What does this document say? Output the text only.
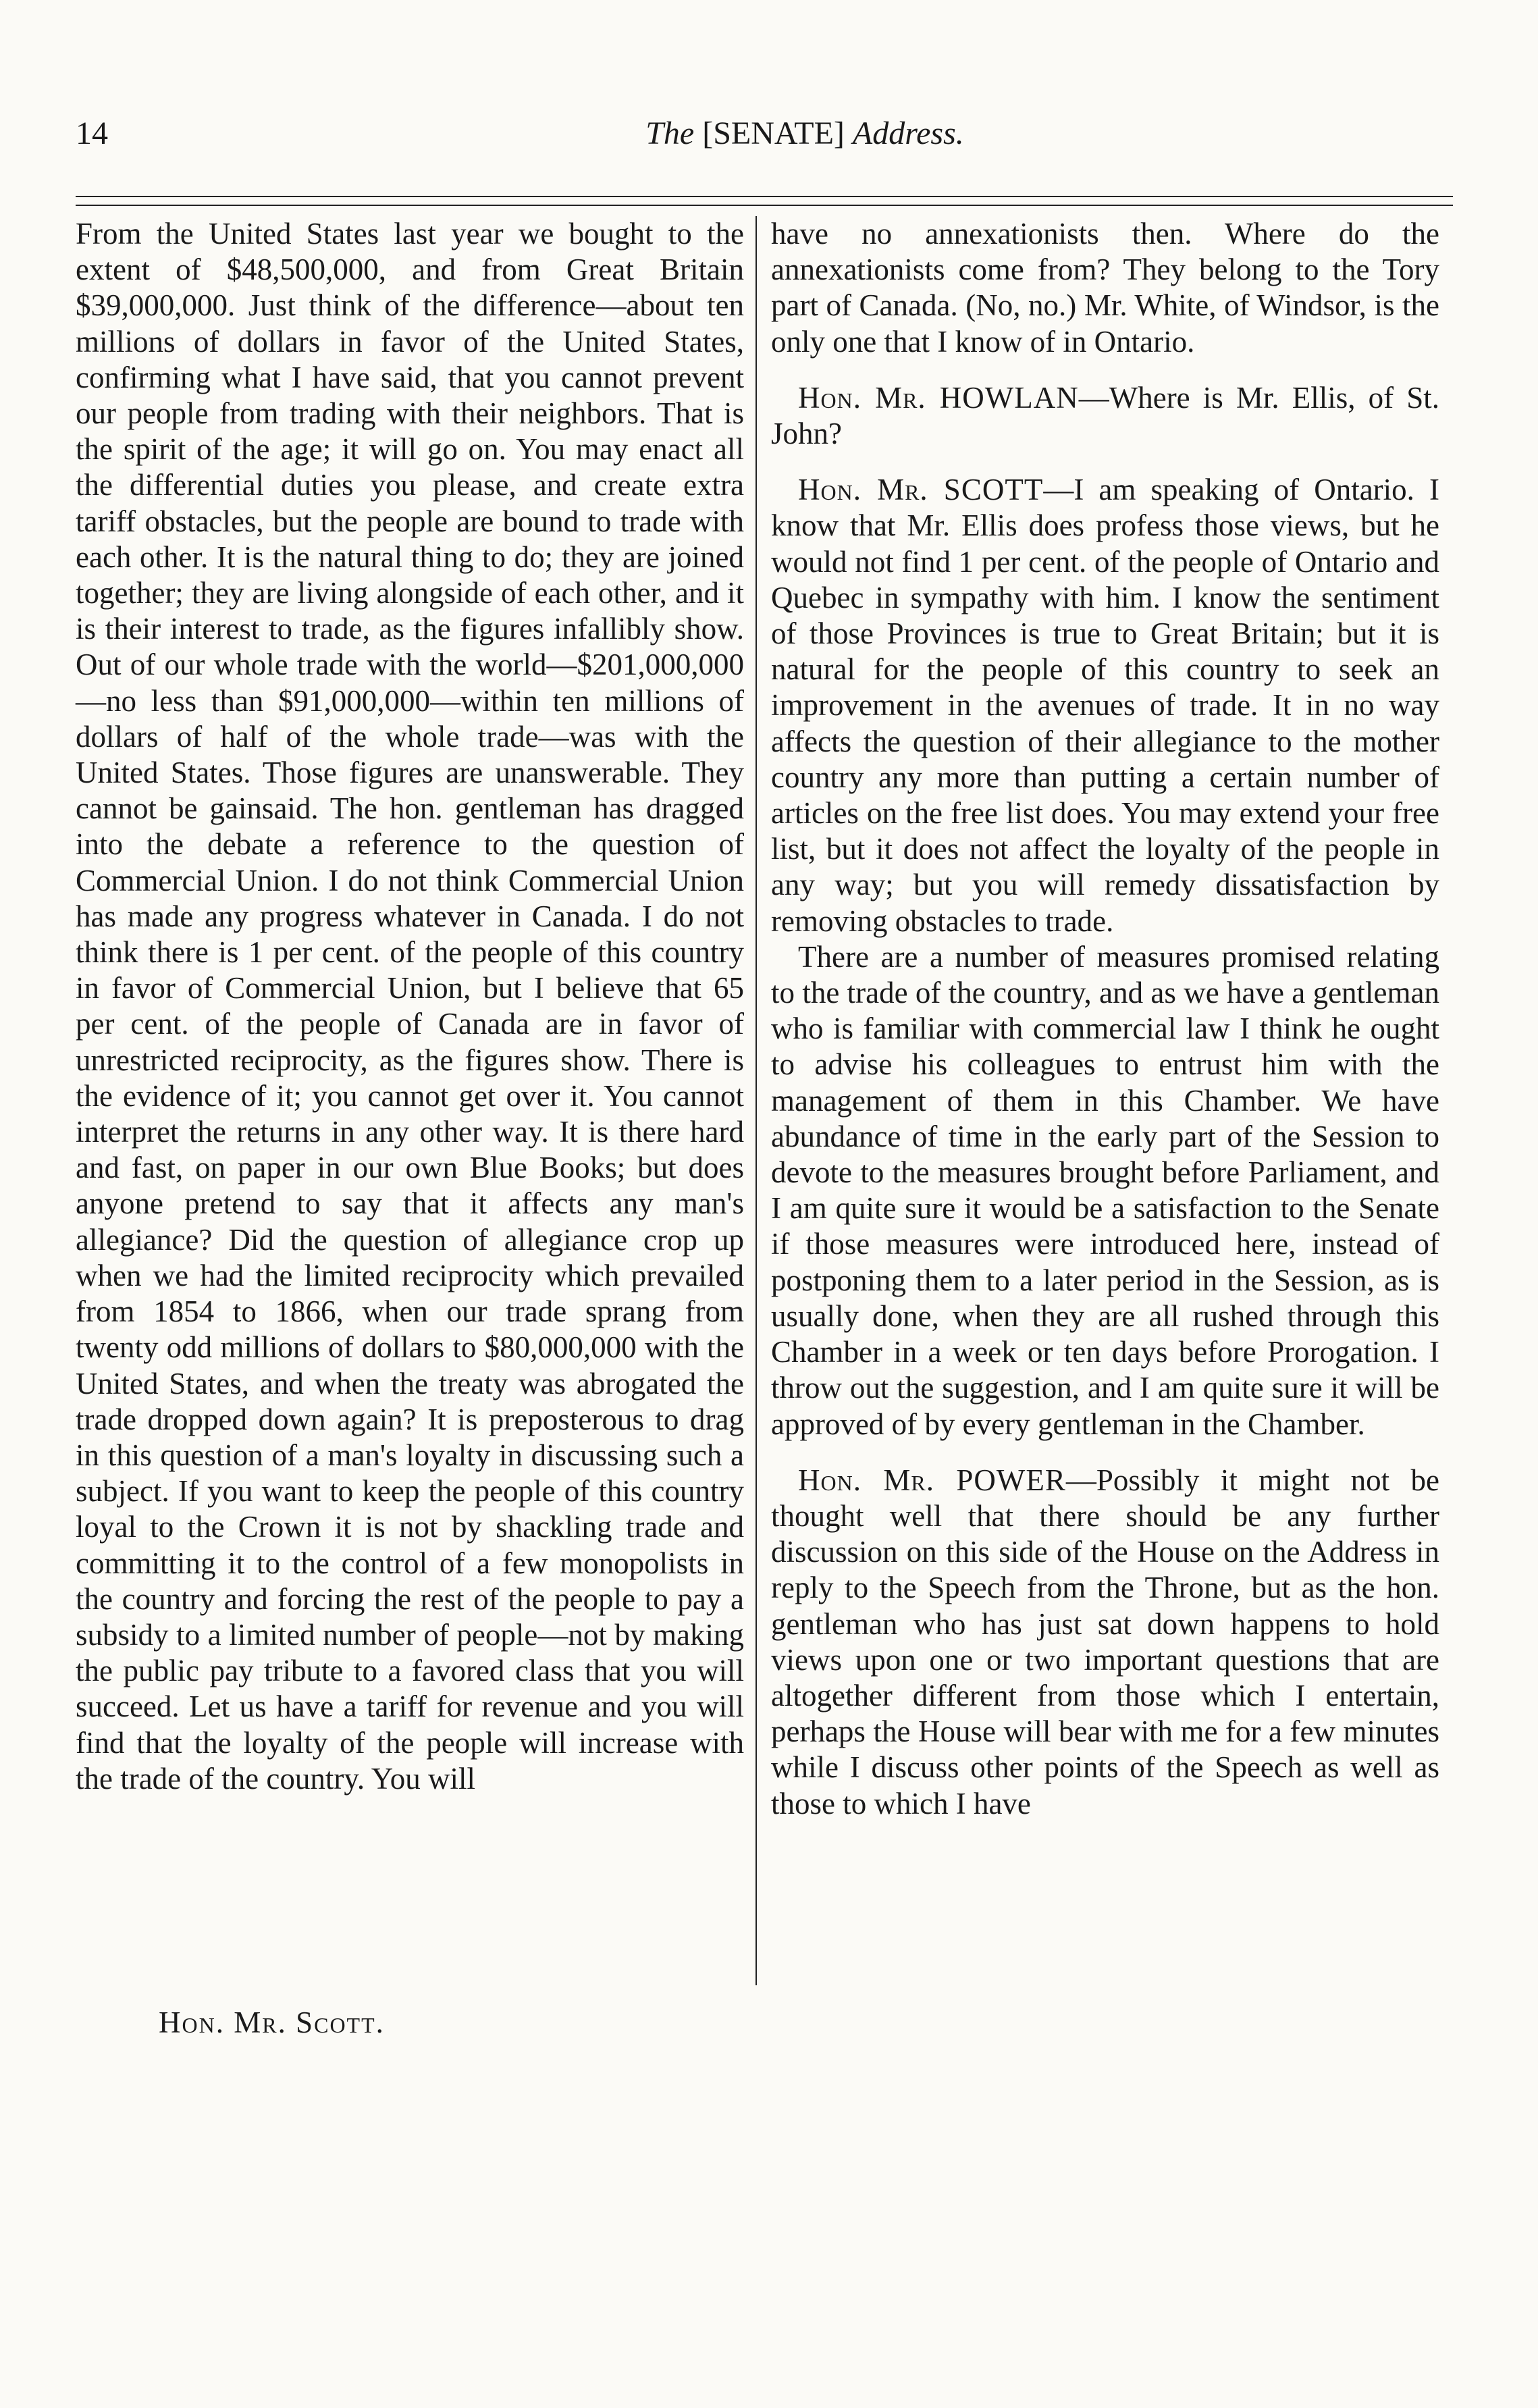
14	The [SENATE] Address.

From the United States last year we bought to the extent of $48,500,000, and from Great Britain $39,000,000. Just think of the difference—about ten millions of dollars in favor of the United States, confirming what I have said, that you cannot prevent our people from trading with their neighbors. That is the spirit of the age; it will go on. You may enact all the differential duties you please, and create extra tariff obstacles, but the people are bound to trade with each other. It is the natural thing to do; they are joined together; they are living alongside of each other, and it is their interest to trade, as the figures infallibly show. Out of our whole trade with the world—$201,000,000—no less than $91,000,000—within ten millions of dollars of half of the whole trade—was with the United States. Those figures are unanswerable. They cannot be gainsaid. The hon. gentleman has dragged into the debate a reference to the question of Commercial Union. I do not think Commercial Union has made any progress whatever in Canada. I do not think there is 1 per cent. of the people of this country in favor of Commercial Union, but I believe that 65 per cent. of the people of Canada are in favor of unrestricted reciprocity, as the figures show. There is the evidence of it; you cannot get over it. You cannot interpret the returns in any other way. It is there hard and fast, on paper in our own Blue Books; but does anyone pretend to say that it affects any man's allegiance? Did the question of allegiance crop up when we had the limited reciprocity which prevailed from 1854 to 1866, when our trade sprang from twenty odd millions of dollars to $80,000,000 with the United States, and when the treaty was abrogated the trade dropped down again? It is preposterous to drag in this question of a man's loyalty in discussing such a subject. If you want to keep the people of this country loyal to the Crown it is not by shackling trade and committing it to the control of a few monopolists in the country and forcing the rest of the people to pay a subsidy to a limited number of people—not by making the public pay tribute to a favored class that you will succeed. Let us have a tariff for revenue and you will find that the loyalty of the people will increase with the trade of the country. You will

have no annexationists then. Where do the annexationists come from? They belong to the Tory part of Canada. (No, no.) Mr. White, of Windsor, is the only one that I know of in Ontario.

Hon. Mr. HOWLAN—Where is Mr. Ellis, of St. John?

Hon. Mr. SCOTT—I am speaking of Ontario. I know that Mr. Ellis does profess those views, but he would not find 1 per cent. of the people of Ontario and Quebec in sympathy with him. I know the sentiment of those Provinces is true to Great Britain; but it is natural for the people of this country to seek an improvement in the avenues of trade. It in no way affects the question of their allegiance to the mother country any more than putting a certain number of articles on the free list does. You may extend your free list, but it does not affect the loyalty of the people in any way; but you will remedy dissatisfaction by removing obstacles to trade.

There are a number of measures promised relating to the trade of the country, and as we have a gentleman who is familiar with commercial law I think he ought to advise his colleagues to entrust him with the management of them in this Chamber. We have abundance of time in the early part of the Session to devote to the measures brought before Parliament, and I am quite sure it would be a satisfaction to the Senate if those measures were introduced here, instead of postponing them to a later period in the Session, as is usually done, when they are all rushed through this Chamber in a week or ten days before Prorogation. I throw out the suggestion, and I am quite sure it will be approved of by every gentleman in the Chamber.

Hon. Mr. POWER—Possibly it might not be thought well that there should be any further discussion on this side of the House on the Address in reply to the Speech from the Throne, but as the hon. gentleman who has just sat down happens to hold views upon one or two important questions that are altogether different from those which I entertain, perhaps the House will bear with me for a few minutes while I discuss other points of the Speech as well as those to which I have

Hon. Mr. Scott.
